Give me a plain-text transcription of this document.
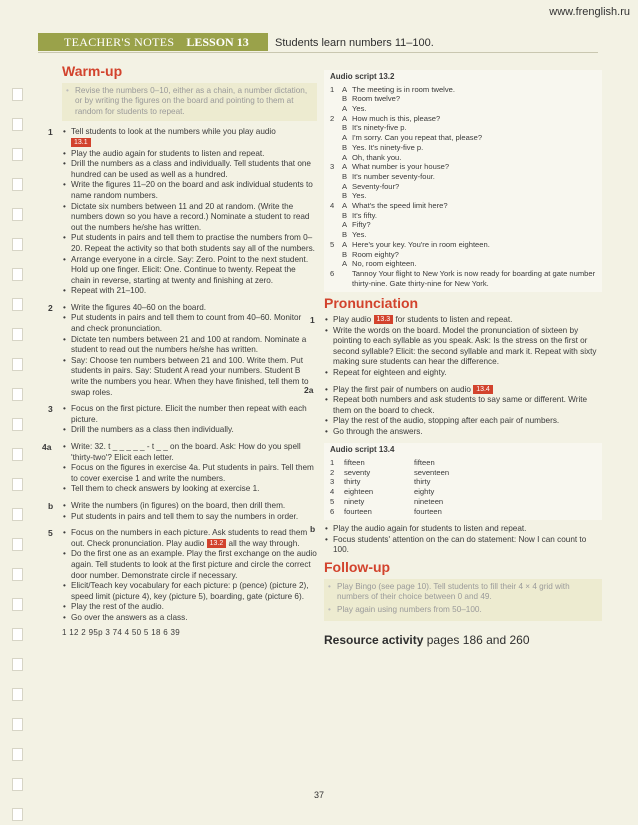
www.frenglish.ru
TEACHER'S NOTES LESSON 13 Students learn numbers 11–100.
Warm-up
• Revise the numbers 0–10, either as a chain, a number dictation, or by writing the figures on the board and pointing to them at random for students to repeat.
1	• Tell students to look at the numbers while you play audio
13.1
• Play the audio again for students to listen and repeat.
• Drill the numbers as a class and individually. Tell students that one hundred can be used as well as a hundred.
• Write the figures 11–20 on the board and ask individual students to name random numbers.
• Dictate six numbers between 11 and 20 at random. (Write the numbers down so you have a record.) Nominate a student to read out the numbers he/she has written.
• Put students in pairs and tell them to practise the numbers from 0–20. Repeat the activity so that both students say all of the numbers.
• Arrange everyone in a circle. Say: Zero. Point to the next student. Hold up one finger. Elicit: One. Continue to twenty. Repeat the chain in reverse, starting at twenty and finishing at zero.
• Repeat with 21–100.
2	• Write the figures 40–60 on the board.
• Put students in pairs and tell them to count from 40–60. Monitor and check pronunciation.
• Dictate ten numbers between 21 and 100 at random. Nominate a student to read out the numbers he/she has written.
• Say: Choose ten numbers between 21 and 100. Write them. Put students in pairs. Say: Student A read your numbers. Student B write the numbers you hear. When they have finished, tell them to swap roles.
3	• Focus on the first picture. Elicit the number then repeat with each picture.
• Drill the numbers as a class then individually.
4a	• Write: 32. t _ _ _ _ _ - t _ _ on the board. Ask: How do you spell 'thirty-two'? Elicit each letter.
• Focus on the figures in exercise 4a. Put students in pairs. Tell them to cover exercise 1 and write the numbers.
• Tell them to check answers by looking at exercise 1.
b	• Write the numbers (in figures) on the board, then drill them.
• Put students in pairs and tell them to say the numbers in order.
5	• Focus on the numbers in each picture. Ask students to read them out. Check pronunciation. Play audio 13.2 all the way through.
• Do the first one as an example. Play the first exchange on the audio again. Tell students to look at the first picture and circle the correct door number. Demonstrate circle if necessary.
• Elicit/Teach key vocabulary for each picture: p (pence) (picture 2), speed limit (picture 4), key (picture 5), boarding, gate (picture 6).
• Play the rest of the audio.
• Go over the answers as a class.
1 12 2 95p 3 74 4 50 5 18 6 39
Audio script 13.2
1	A The meeting is in room twelve.
B Room twelve?
A Yes.
2	A How much is this, please?
B It's ninety-five p.
A I'm sorry. Can you repeat that, please?
B Yes. It's ninety-five p.
A Oh, thank you.
3	A What number is your house?
B It's number seventy-four.
A Seventy-four?
B Yes.
4	A What's the speed limit here?
B It's fifty.
A Fifty?
B Yes.
5	A Here's your key. You're in room eighteen.
B Room eighty?
A No, room eighteen.
6	Tannoy Your flight to New York is now ready for boarding at gate number thirty-nine. Gate thirty-nine for New York.
Pronunciation
1	• Play audio 13.3 for students to listen and repeat.
• Write the words on the board. Model the pronunciation of sixteen by pointing to each syllable as you speak. Ask: Is the stress on the first or second syllable? Elicit: the second syllable and mark it. Repeat with sixty making sure students can hear the difference.
• Repeat for eighteen and eighty.
2a	• Play the first pair of numbers on audio 13.4
• Repeat both numbers and ask students to say same or different. Write them on the board to check.
• Play the rest of the audio, stopping after each pair of numbers.
• Go through the answers.
Audio script 13.4
1	fifteen	fifteen
2	seventy	seventeen
3	thirty	thirty
4	eighteen	eighty
5	ninety	nineteen
6	fourteen	fourteen
b	• Play the audio again for students to listen and repeat.
• Focus students' attention on the can do statement: Now I can count to 100.
Follow-up
• Play Bingo (see page 10). Tell students to fill their 4 × 4 grid with numbers of their choice between 0 and 49.
• Play again using numbers from 50–100.
Resource activity pages 186 and 260
37
